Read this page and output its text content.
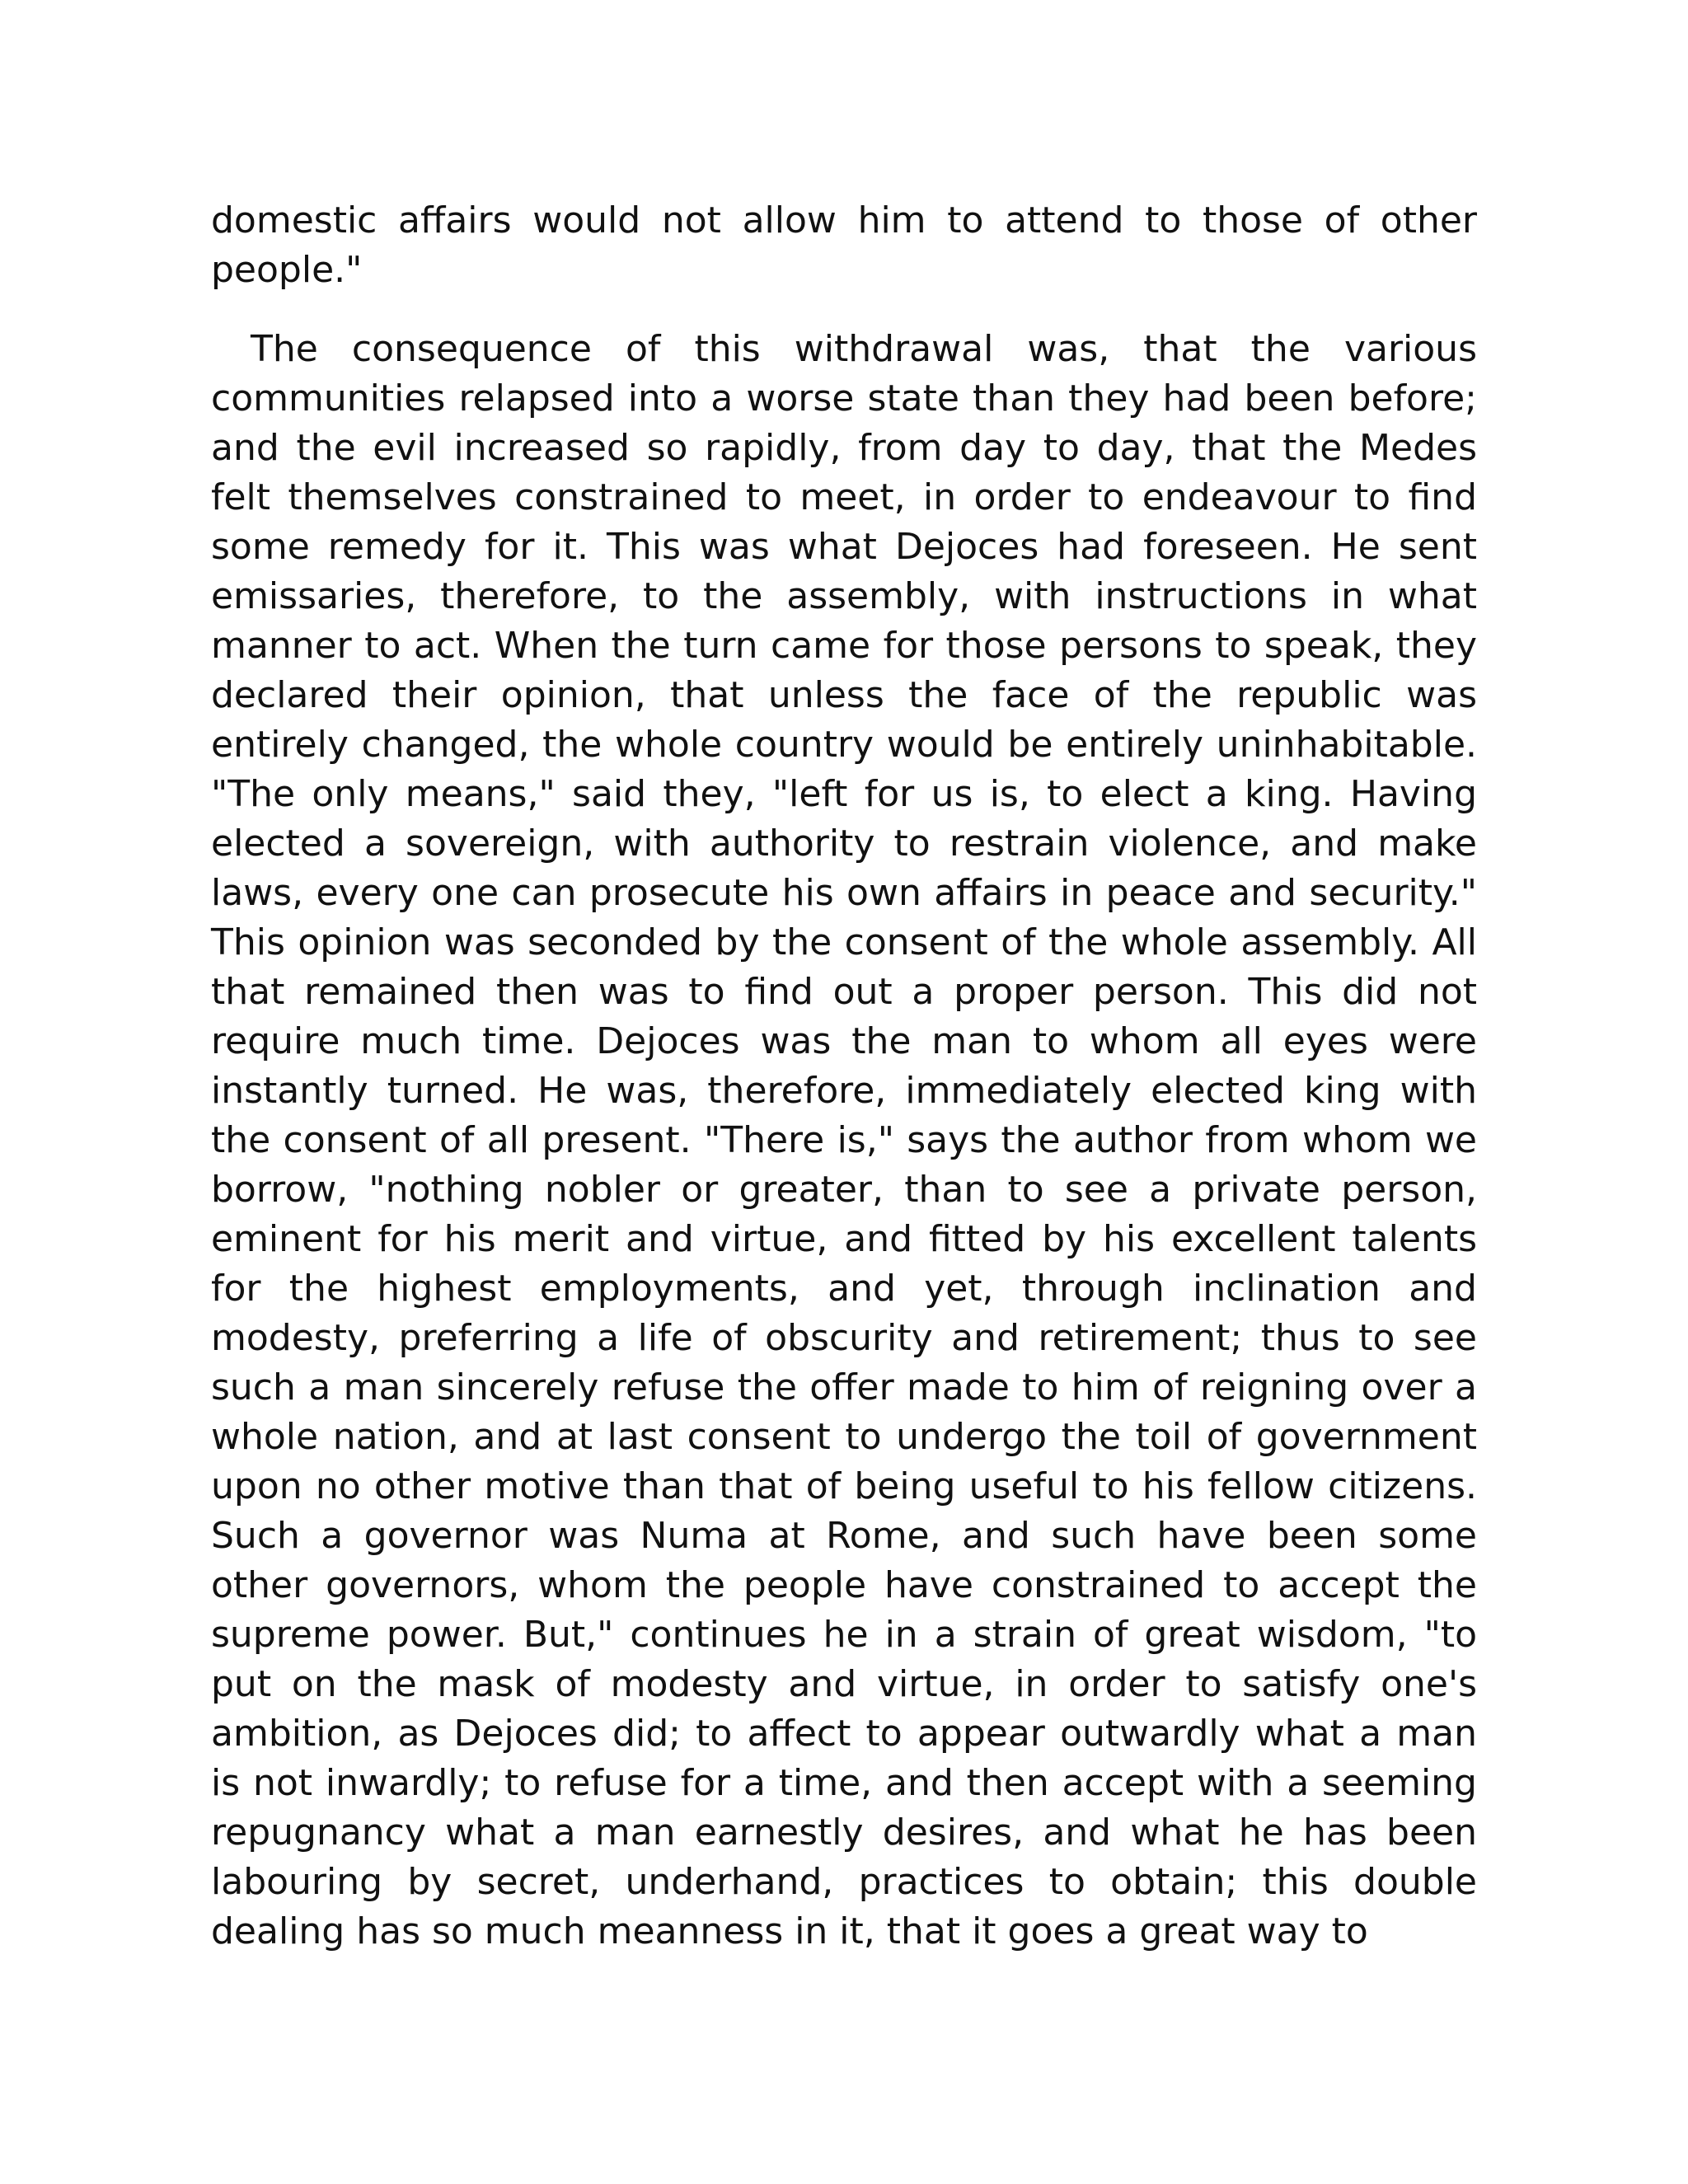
domestic affairs would not allow him to attend to those of other people."

The consequence of this withdrawal was, that the various communities relapsed into a worse state than they had been before; and the evil increased so rapidly, from day to day, that the Medes felt themselves constrained to meet, in order to endeavour to find some remedy for it. This was what Dejoces had foreseen. He sent emissaries, therefore, to the assembly, with instructions in what manner to act. When the turn came for those persons to speak, they declared their opinion, that unless the face of the republic was entirely changed, the whole country would be entirely uninhabitable. "The only means," said they, "left for us is, to elect a king. Having elected a sovereign, with authority to restrain violence, and make laws, every one can prosecute his own affairs in peace and security." This opinion was seconded by the consent of the whole assembly. All that remained then was to find out a proper person. This did not require much time. Dejoces was the man to whom all eyes were instantly turned. He was, therefore, immediately elected king with the consent of all present. "There is," says the author from whom we borrow, "nothing nobler or greater, than to see a private person, eminent for his merit and virtue, and fitted by his excellent talents for the highest employments, and yet, through inclination and modesty, preferring a life of obscurity and retirement; thus to see such a man sincerely refuse the offer made to him of reigning over a whole nation, and at last consent to undergo the toil of government upon no other motive than that of being useful to his fellow citizens. Such a governor was Numa at Rome, and such have been some other governors, whom the people have constrained to accept the supreme power. But," continues he in a strain of great wisdom, "to put on the mask of modesty and virtue, in order to satisfy one's ambition, as Dejoces did; to affect to appear outwardly what a man is not inwardly; to refuse for a time, and then accept with a seeming repugnancy what a man earnestly desires, and what he has been labouring by secret, underhand, practices to obtain; this double dealing has so much meanness in it, that it goes a great way to
